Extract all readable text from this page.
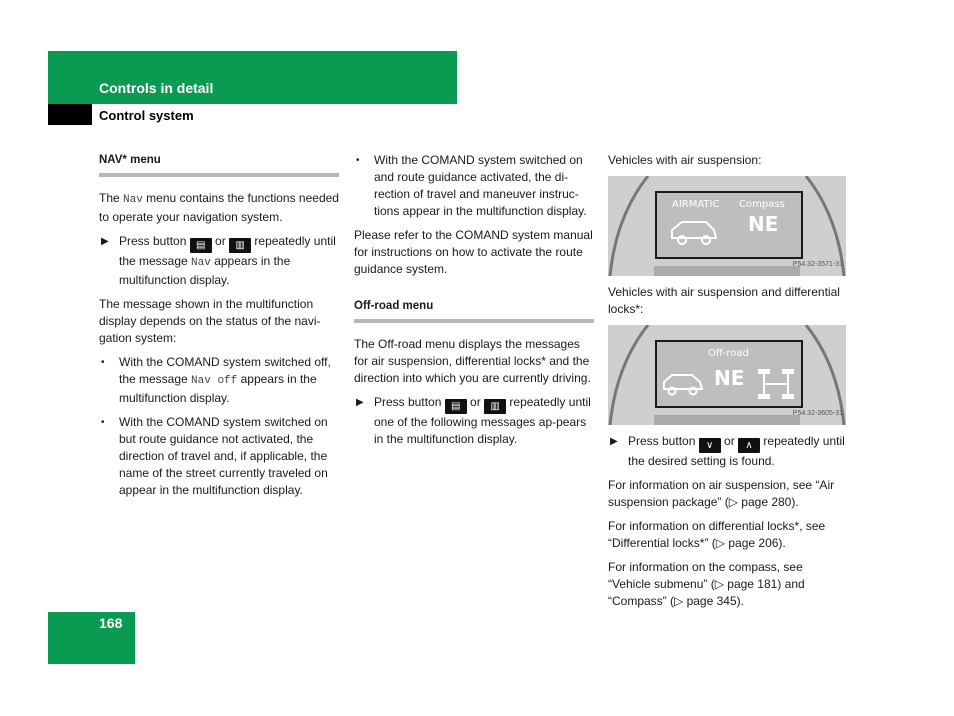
Controls in detail
Control system
NAV* menu

The Nav menu contains the functions needed to operate your navigation system.

▶ Press button ▤ or ▥ repeatedly until the message Nav appears in the multifunction display.

The message shown in the multifunction display depends on the status of the navi-gation system:

• With the COMAND system switched off, the message Nav off appears in the multifunction display.
• With the COMAND system switched on but route guidance not activated, the direction of travel and, if applicable, the name of the street currently traveled on appear in the multifunction display.
• With the COMAND system switched on and route guidance activated, the di-rection of travel and maneuver instruc-tions appear in the multifunction display.

Please refer to the COMAND system manual for instructions on how to activate the route guidance system.

Off-road menu

The Off-road menu displays the messages for air suspension, differential locks* and the direction into which you are currently driving.

▶ Press button ▤ or ▥ repeatedly until one of the following messages ap-pears in the multifunction display.

Vehicles with air suspension:

AIRMATIC Compass
NE
P54.32-3571-31

Vehicles with air suspension and differential locks*:

Off-road
NE
P54.32-3605-31
▶ Press button ∨ or ∧ repeatedly until the desired setting is found.

For information on air suspension, see “Air suspension package” (▷ page 280).

For information on differential locks*, see “Differential locks*” (▷ page 206).

For information on the compass, see “Vehicle submenu” (▷ page 181) and “Compass” (▷ page 345).

168
